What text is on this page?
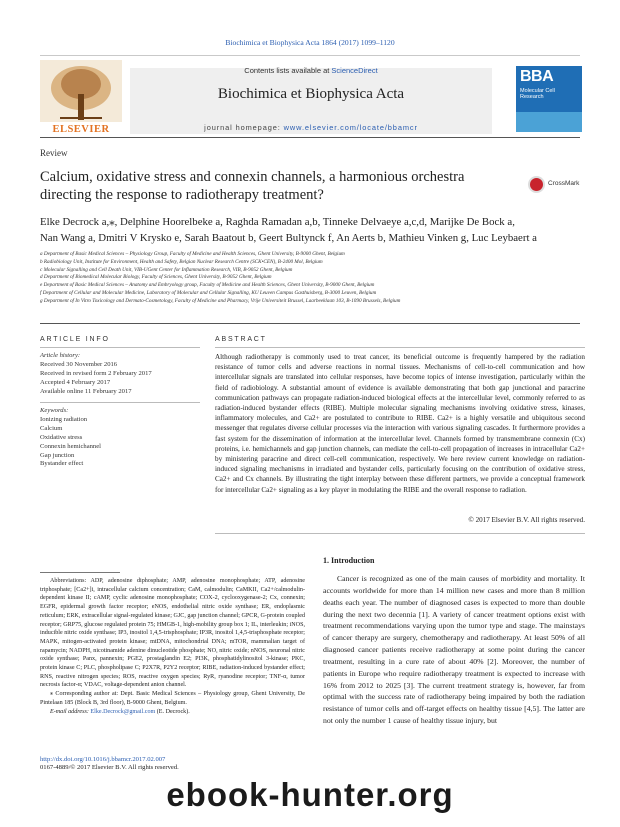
Biochimica et Biophysica Acta 1864 (2017) 1099–1120
ELSEVIER
Contents lists available at ScienceDirect
Biochimica et Biophysica Acta
journal homepage: www.elsevier.com/locate/bbamcr
BBA
Molecular Cell Research
Review
Calcium, oxidative stress and connexin channels, a harmonious orchestra directing the response to radiotherapy treatment?
CrossMark
Elke Decrock a,⁎, Delphine Hoorelbeke a, Raghda Ramadan a,b, Tinneke Delvaeye a,c,d, Marijke De Bock a,
Nan Wang a, Dmitri V Krysko e, Sarah Baatout b, Geert Bultynck f, An Aerts b, Mathieu Vinken g, Luc Leybaert a
a Department of Basic Medical Sciences – Physiology Group, Faculty of Medicine and Health Sciences, Ghent University, B-9000 Ghent, Belgium
b Radiobiology Unit, Institute for Environment, Health and Safety, Belgian Nuclear Research Centre (SCK•CEN), B-2400 Mol, Belgium
c Molecular Signalling and Cell Death Unit, VIB-UGent Center for Inflammation Research, VIB, B-9052 Ghent, Belgium
d Department of Biomedical Molecular Biology, Faculty of Sciences, Ghent University, B-9052 Ghent, Belgium
e Department of Basic Medical Sciences – Anatomy and Embryology group, Faculty of Medicine and Health Sciences, Ghent University, B-9000 Ghent, Belgium
f Department of Cellular and Molecular Medicine, Laboratory of Molecular and Cellular Signalling, KU Leuven Campus Gasthuisberg, B-3000 Leuven, Belgium
g Department of In Vitro Toxicology and Dermato-Cosmetology, Faculty of Medicine and Pharmacy, Vrije Universiteit Brussel, Laarbeeklaan 103, B-1090 Brussels, Belgium
ARTICLE INFO	ABSTRACT
Article history:
Received 30 November 2016
Received in revised form 2 February 2017
Accepted 4 February 2017
Available online 11 February 2017
Keywords:
Ionizing radiation
Calcium
Oxidative stress
Connexin hemichannel
Gap junction
Bystander effect
Although radiotherapy is commonly used to treat cancer, its beneficial outcome is frequently hampered by the radiation resistance of tumor cells and adverse reactions in normal tissues. Mechanisms of cell-to-cell communication and how intercellular signals are translated into cellular responses, have become topics of intense investigation, particularly within the field of radiobiology. A substantial amount of evidence is available demonstrating that both gap junctional and paracrine communication pathways can propagate radiation-induced biological effects at the intercellular level, commonly referred to as radiation-induced bystander effects (RIBE). Multiple molecular signaling mechanisms involving oxidative stress, kinases, inflammatory molecules, and Ca2+ are postulated to contribute to RIBE. Ca2+ is a highly versatile and ubiquitous second messenger that regulates diverse cellular processes via the interaction with various signaling cascades. It furthermore provides a fast system for the dissemination of information at the intercellular level. Channels formed by transmembrane connexin (Cx) proteins, i.e. hemichannels and gap junction channels, can mediate the cell-to-cell propagation of increases in intracellular Ca2+ by ministering paracrine and direct cell-cell communication, respectively. We here review current knowledge on radiation-induced signaling mechanisms in irradiated and bystander cells, particularly focusing on the contribution of oxidative stress, Ca2+ and Cx channels. By illustrating the tight interplay between these different partners, we provide a conceptual framework for intercellular Ca2+ signaling as a key player in modulating the RIBE and the overall response to radiation.
© 2017 Elsevier B.V. All rights reserved.
1. Introduction
Cancer is recognized as one of the main causes of morbidity and mortality. It accounts worldwide for more than 14 million new cases and more than 8 million deaths each year. The number of diagnosed cases is expected to more than double during the next two decennia [1]. A variety of cancer treatment options exist with treatment recommendations varying upon the tumor type and stage. The mainstays of cancer therapy are surgery, chemotherapy and radiotherapy. At least 50% of all diagnosed cancer patients receive radiotherapy at some point during the cancer treatment, resulting in a cure rate of about 40% [2]. Moreover, the number of patients in Europe who require radiotherapy treatment is expected to increase with 16% from 2012 to 2025 [3]. The current treatment strategy is, however, far from optimal with the success rate of radiotherapy being impaired by both the radiation resistance of tumor cells and off-target effects on healthy tissue [4,5]. The latter are not only the number 1 cause of healthy tissue injury, but
Abbreviations: ADP, adenosine diphosphate; AMP, adenosine monophosphate; ATP, adenosine triphosphate; [Ca2+]i, intracellular calcium concentration; CaM, calmodulin; CaMKII, Ca2+/calmodulin-dependent kinase II; cAMP, cyclic adenosine monophosphate; COX-2, cyclooxygenase-2; Cx, connexin; EGFR, epidermal growth factor receptor; eNOS, endothelial nitric oxide synthase; ER, endoplasmic reticulum; ERK, extracellular signal-regulated kinase; GJC, gap junction channel; GPCR, G-protein coupled receptor; GRP75, glucose regulated protein 75; HMGB-1, high-mobility group box 1; IL, interleukin; iNOS, inducible nitric oxide synthase; IP3, inositol 1,4,5-trisphosphate; IP3R, inositol 1,4,5-trisphosphate receptor; MAPK, mitogen-activated protein kinase; mtDNA, mitochondrial DNA; mTOR, mammalian target of rapamycin; NADPH, nicotinamide adenine dinucleotide phosphate; NO, nitric oxide; nNOS, neuronal nitric oxide synthase; Panx, pannexin; PGE2, prostaglandin E2; PI3K, phosphatidylinositol 3-kinase; PKC, protein kinase C; PLC, phospholipase C; P2X7R, P2Y2 receptor; RIBE, radiation-induced bystander effect; RNS, reactive nitrogen species; ROS, reactive oxygen species; RyR, ryanodine receptor; TNF-α, tumor necrosis factor-α; VDAC, voltage-dependent anion channel.
⁎ Corresponding author at: Dept. Basic Medical Sciences – Physiology group, Ghent University, De Pintelaan 185 (Block B, 3rd floor), B-9000 Ghent, Belgium.
E-mail address: Elke.Decrock@gmail.com (E. Decrock).
http://dx.doi.org/10.1016/j.bbamcr.2017.02.007
0167-4889/© 2017 Elsevier B.V. All rights reserved.
ebook-hunter.org
